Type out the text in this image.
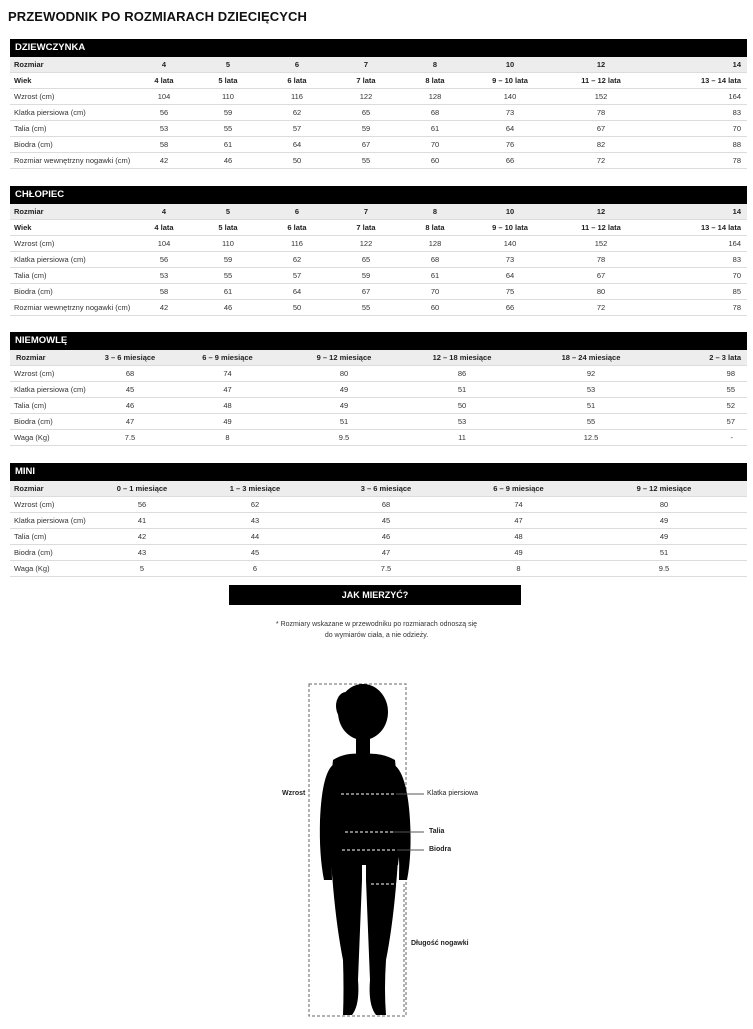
PRZEWODNIK PO ROZMIARACH DZIECIĘCYCH
DZIEWCZYNKA
Rozmiar	4	5	6	7	8	10	12	14
Wiek	4 lata	5 lata	6 lata	7 lata	8 lata	9 – 10 lata	11 – 12 lata	13 – 14 lata
Wzrost (cm)	104	110	116	122	128	140	152	164
Klatka piersiowa (cm)	56	59	62	65	68	73	78	83
Talia (cm)	53	55	57	59	61	64	67	70
Biodra (cm)	58	61	64	67	70	76	82	88
Rozmiar wewnętrzny nogawki (cm)	42	46	50	55	60	66	72	78
CHŁOPIEC
Rozmiar	4	5	6	7	8	10	12	14
Wiek	4 lata	5 lata	6 lata	7 lata	8 lata	9 – 10 lata	11 – 12 lata	13 – 14 lata
Wzrost (cm)	104	110	116	122	128	140	152	164
Klatka piersiowa (cm)	56	59	62	65	68	73	78	83
Talia (cm)	53	55	57	59	61	64	67	70
Biodra (cm)	58	61	64	67	70	75	80	85
Rozmiar wewnętrzny nogawki (cm)	42	46	50	55	60	66	72	78
NIEMOWLĘ
Rozmiar	3 – 6 miesiące	6 – 9 miesiące	9 – 12 miesiące	12 – 18 miesiące	18 – 24 miesiące	2 – 3 lata
Wzrost (cm)	68	74	80	86	92	98
Klatka piersiowa (cm)	45	47	49	51	53	55
Talia (cm)	46	48	49	50	51	52
Biodra (cm)	47	49	51	53	55	57
Waga (Kg)	7.5	8	9.5	11	12.5	-
MINI
Rozmiar	0 – 1 miesiące	1 – 3 miesiące	3 – 6 miesiące	6 – 9 miesiące	9 – 12 miesiące
Wzrost (cm)	56	62	68	74	80
Klatka piersiowa (cm)	41	43	45	47	49
Talia (cm)	42	44	46	48	49
Biodra (cm)	43	45	47	49	51
Waga (Kg)	5	6	7.5	8	9.5
JAK MIERZYĆ?
* Rozmiary wskazane w przewodniku po rozmiarach odnoszą się
do wymiarów ciała, a nie odzieży.
Wzrost	Klatka piersiowa
Talia
Biodra
Długość nogawki
